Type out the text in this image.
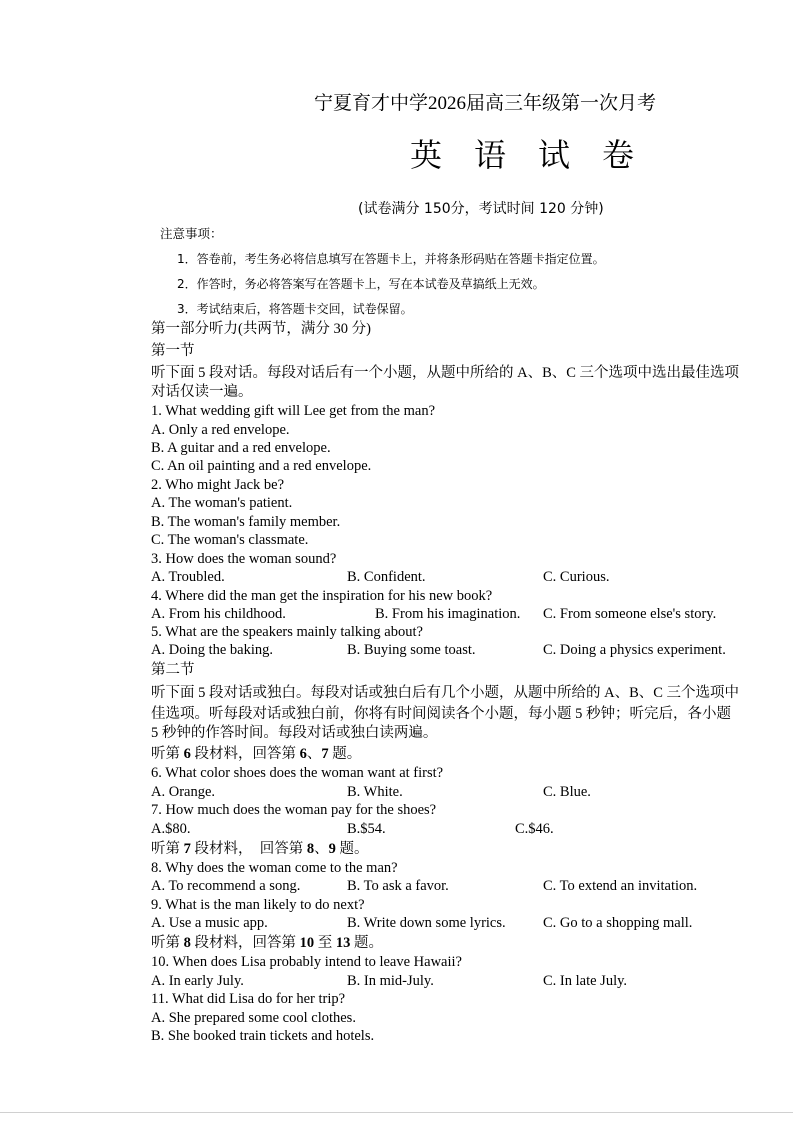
宁夏育才中学2026届高三年级第一次月考
英 语 试 卷
(试卷满分 150分，考试时间 120 分钟)
注意事项：
1．答卷前，考生务必将信息填写在答题卡上，并将条形码贴在答题卡指定位置。
2．作答时，务必将答案写在答题卡上，写在本试卷及草搞纸上无效。
3．考试结束后，将答题卡交回，试卷保留。
第一部分听力(共两节，满分 30 分)
第一节
听下面 5 段对话。每段对话后有一个小题，从题中所给的 A、B、C 三个选项中选出最佳选项
对话仅读一遍。
1. What wedding gift will Lee get from the man?
A. Only a red envelope.
B. A guitar and a red envelope.
C. An oil painting and a red envelope.
2. Who might Jack be?
A. The woman's patient.
B. The woman's family member.
C. The woman's classmate.
3. How does the woman sound?
A. Troubled.	B. Confident.	C. Curious.
4. Where did the man get the inspiration for his new book?
A. From his childhood.	B. From his imagination. C. From someone else's story.
5. What are the speakers mainly talking about?
A. Doing the baking.	B. Buying some toast.	C. Doing a physics experiment.
第二节
听下面 5 段对话或独白。每段对话或独白后有几个小题，从题中所给的 A、B、C 三个选项中
佳选项。听每段对话或独白前，你将有时间阅读各个小题，每小题 5 秒钟；听完后，各小题
5 秒钟的作答时间。每段对话或独白读两遍。
听第 6 段材料，回答第 6、7 题。
6. What color shoes does the woman want at first?
A. Orange.	B. White.	C. Blue.
7. How much does the woman pay for the shoes?
A.$80.	B.$54.	C.$46.
听第 7 段材料，　回答第 8、9 题。
8. Why does the woman come to the man?
A. To recommend a song.	B. To ask a favor.	C. To extend an invitation.
9. What is the man likely to do next?
A. Use a music app.	B. Write down some lyrics.	C. Go to a shopping mall.
听第 8 段材料，回答第 10 至 13 题。
10. When does Lisa probably intend to leave Hawaii?
A. In early July.	B. In mid-July.	C. In late July.
11. What did Lisa do for her trip?
A. She prepared some cool clothes.
B. She booked train tickets and hotels.
